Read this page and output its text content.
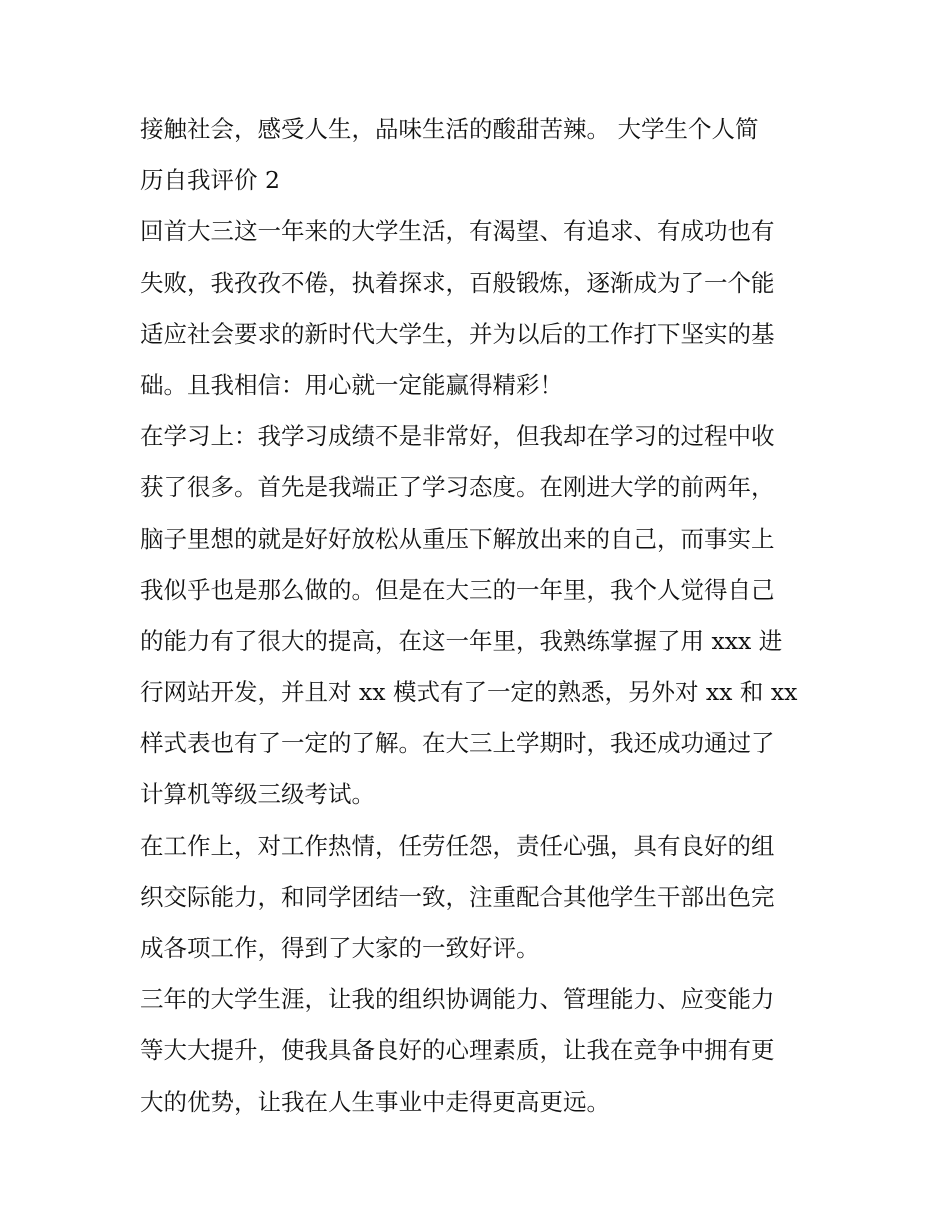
接触社会，感受人生，品味生活的酸甜苦辣。 大学生个人简
历自我评价 2
回首大三这一年来的大学生活，有渴望、有追求、有成功也有
失败，我孜孜不倦，执着探求，百般锻炼，逐渐成为了一个能
适应社会要求的新时代大学生，并为以后的工作打下坚实的基
础。且我相信：用心就一定能赢得精彩！
在学习上：我学习成绩不是非常好，但我却在学习的过程中收
获了很多。首先是我端正了学习态度。在刚进大学的前两年，
脑子里想的就是好好放松从重压下解放出来的自己，而事实上
我似乎也是那么做的。但是在大三的一年里，我个人觉得自己
的能力有了很大的提高，在这一年里，我熟练掌握了用 xxx 进
行网站开发，并且对 xx 模式有了一定的熟悉，另外对 xx 和 xx
样式表也有了一定的了解。在大三上学期时，我还成功通过了
计算机等级三级考试。
在工作上，对工作热情，任劳任怨，责任心强，具有良好的组
织交际能力，和同学团结一致，注重配合其他学生干部出色完
成各项工作，得到了大家的一致好评。
三年的大学生涯，让我的组织协调能力、管理能力、应变能力
等大大提升，使我具备良好的心理素质，让我在竞争中拥有更
大的优势，让我在人生事业中走得更高更远。
